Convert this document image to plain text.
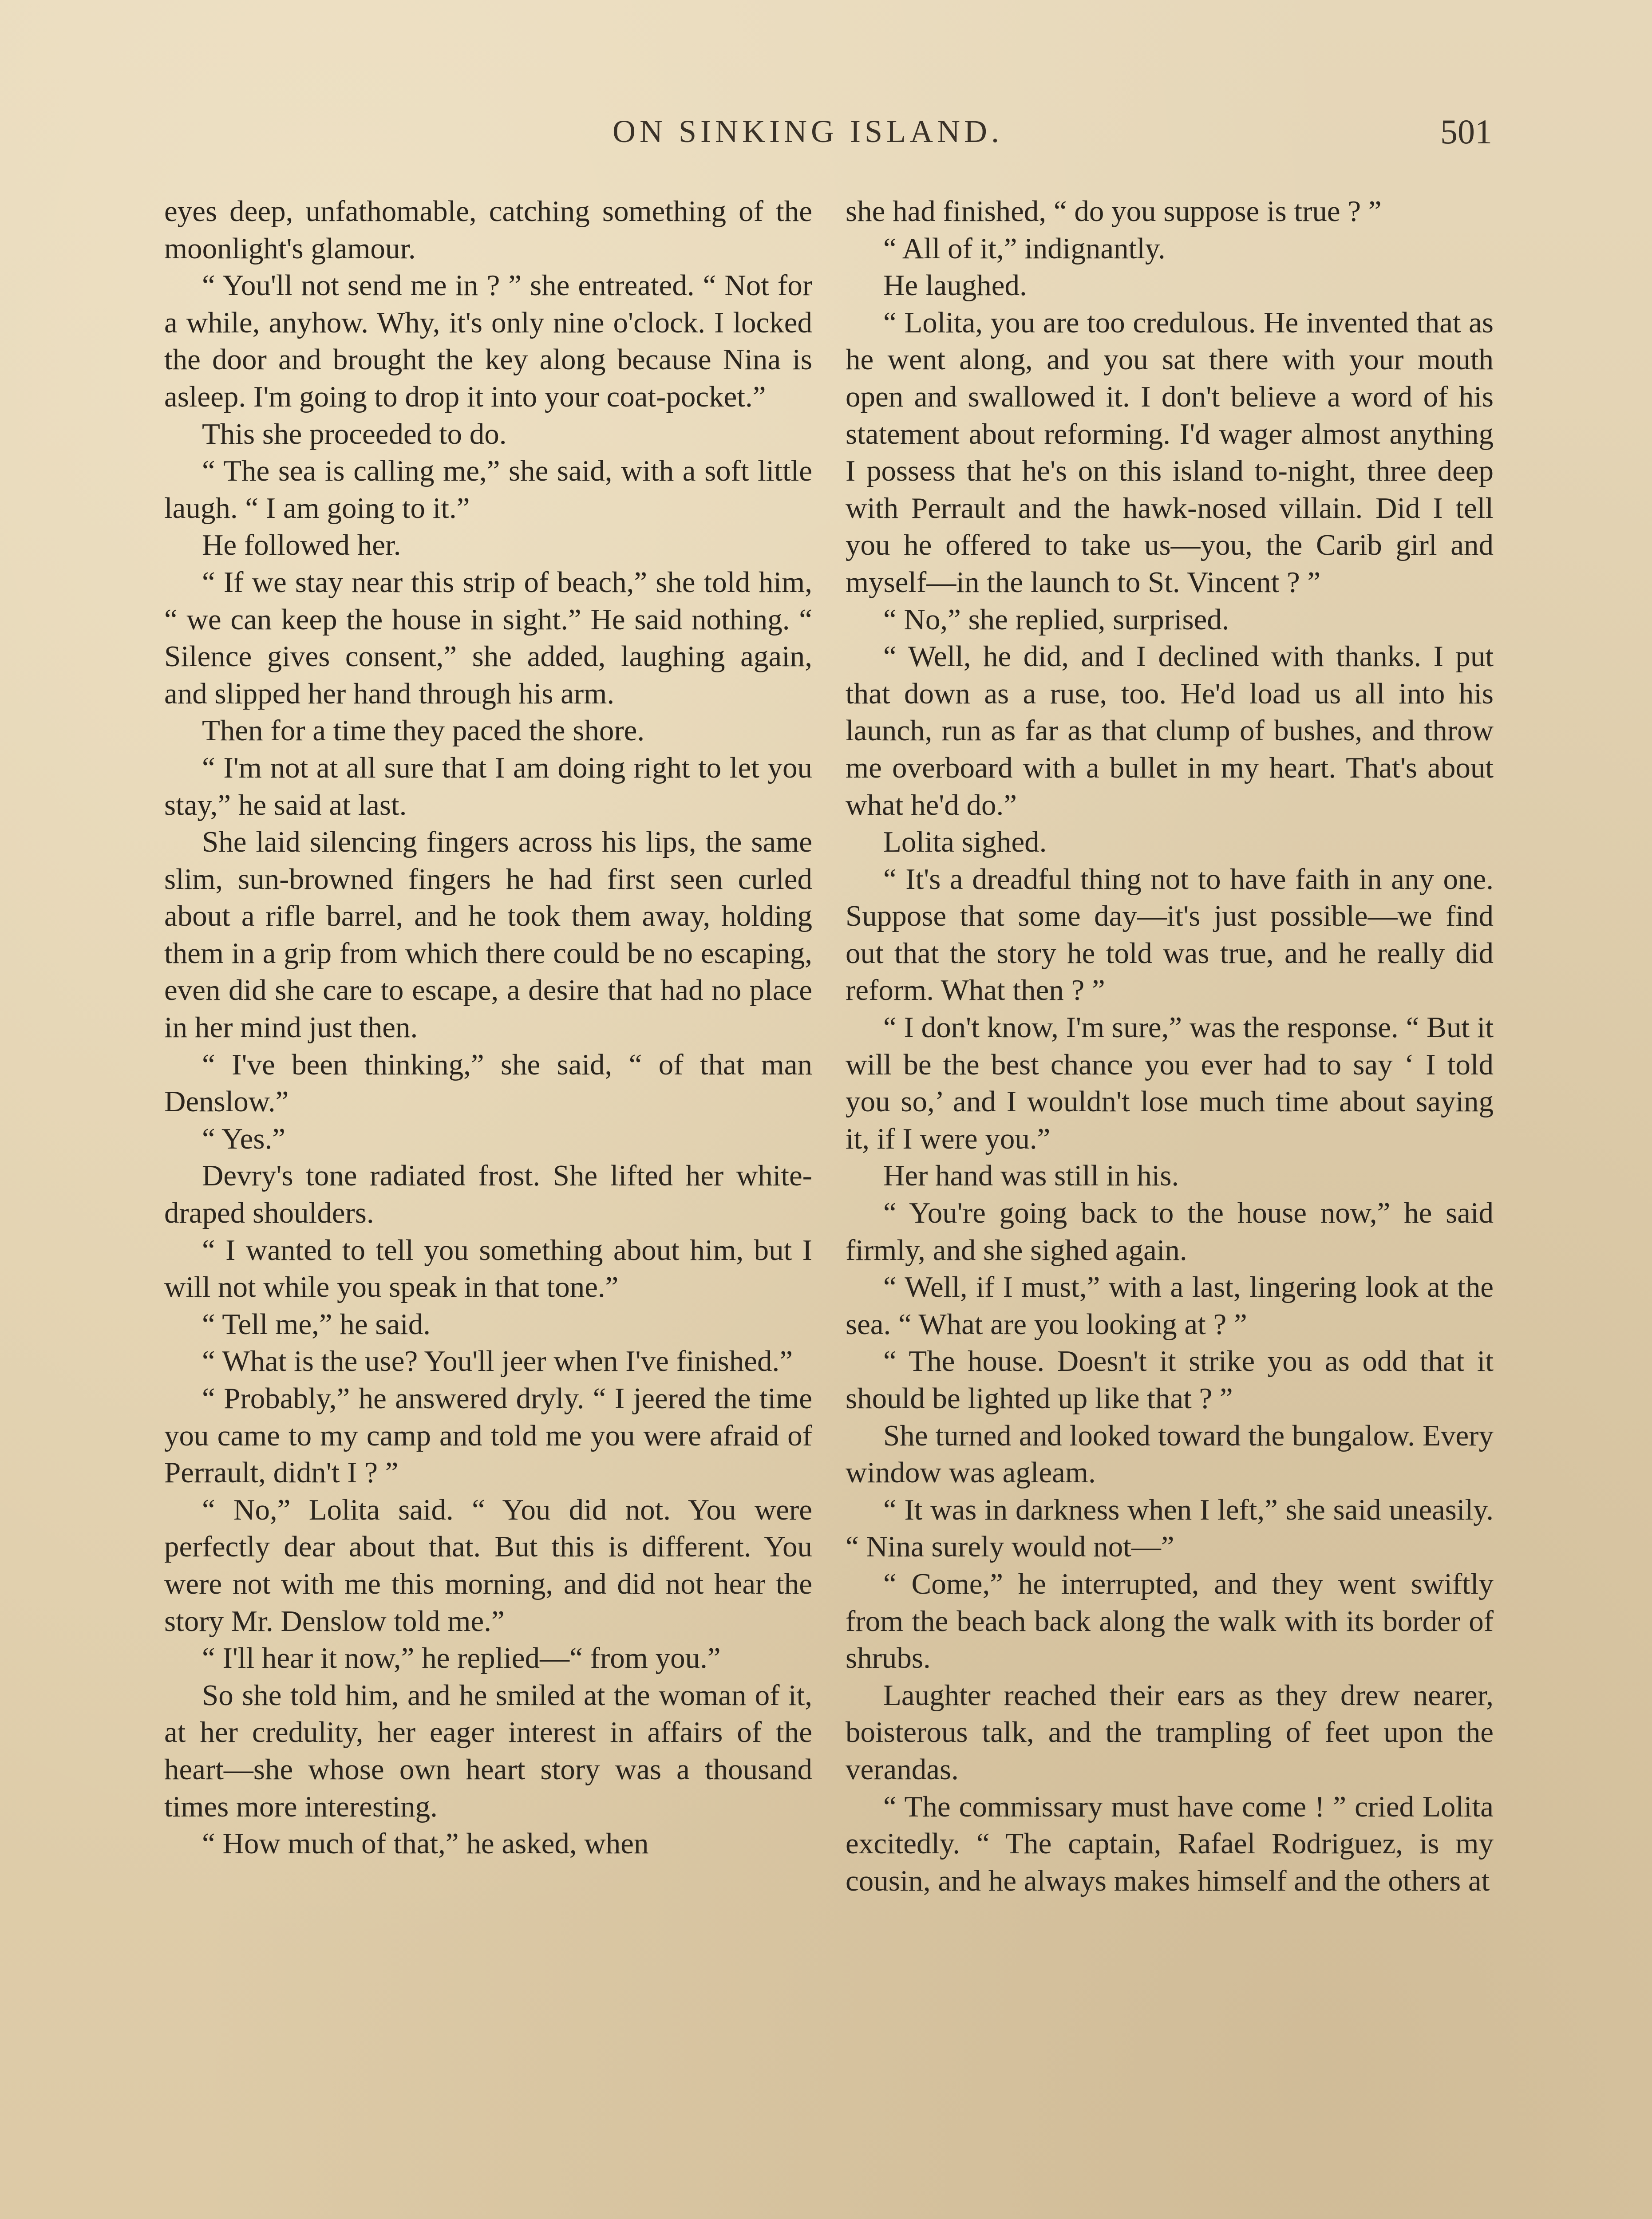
ON SINKING ISLAND.	501

eyes deep, unfathomable, catching something of the moonlight's glamour.

“ You'll not send me in ? ” she entreated. “ Not for a while, anyhow. Why, it's only nine o'clock. I locked the door and brought the key along because Nina is asleep. I'm going to drop it into your coat-pocket.”

This she proceeded to do.

“ The sea is calling me,” she said, with a soft little laugh. “ I am going to it.”

He followed her.

“ If we stay near this strip of beach,” she told him, “ we can keep the house in sight.” He said nothing. “ Silence gives consent,” she added, laughing again, and slipped her hand through his arm.

Then for a time they paced the shore.

“ I'm not at all sure that I am doing right to let you stay,” he said at last.

She laid silencing fingers across his lips, the same slim, sun-browned fingers he had first seen curled about a rifle barrel, and he took them away, holding them in a grip from which there could be no escaping, even did she care to escape, a desire that had no place in her mind just then.

“ I've been thinking,” she said, “ of that man Denslow.”

“ Yes.”

Devry's tone radiated frost. She lifted her white-draped shoulders.

“ I wanted to tell you something about him, but I will not while you speak in that tone.”

“ Tell me,” he said.

“ What is the use? You'll jeer when I've finished.”

“ Probably,” he answered dryly. “ I jeered the time you came to my camp and told me you were afraid of Perrault, didn't I ? ”

“ No,” Lolita said. “ You did not. You were perfectly dear about that. But this is different. You were not with me this morning, and did not hear the story Mr. Denslow told me.”

“ I'll hear it now,” he replied—“ from you.”

So she told him, and he smiled at the woman of it, at her credulity, her eager interest in affairs of the heart—she whose own heart story was a thousand times more interesting.

“ How much of that,” he asked, when

she had finished, “ do you suppose is true ? ”

“ All of it,” indignantly.

He laughed.

“ Lolita, you are too credulous. He invented that as he went along, and you sat there with your mouth open and swallowed it. I don't believe a word of his statement about reforming. I'd wager almost anything I possess that he's on this island to-night, three deep with Perrault and the hawk-nosed villain. Did I tell you he offered to take us—you, the Carib girl and myself—in the launch to St. Vincent ? ”

“ No,” she replied, surprised.

“ Well, he did, and I declined with thanks. I put that down as a ruse, too. He'd load us all into his launch, run as far as that clump of bushes, and throw me overboard with a bullet in my heart. That's about what he'd do.”

Lolita sighed.

“ It's a dreadful thing not to have faith in any one. Suppose that some day—it's just possible—we find out that the story he told was true, and he really did reform. What then ? ”

“ I don't know, I'm sure,” was the response. “ But it will be the best chance you ever had to say ‘ I told you so,’ and I wouldn't lose much time about saying it, if I were you.”

Her hand was still in his.

“ You're going back to the house now,” he said firmly, and she sighed again.

“ Well, if I must,” with a last, lingering look at the sea. “ What are you looking at ? ”

“ The house. Doesn't it strike you as odd that it should be lighted up like that ? ”

She turned and looked toward the bungalow. Every window was agleam.

“ It was in darkness when I left,” she said uneasily. “ Nina surely would not—”

“ Come,” he interrupted, and they went swiftly from the beach back along the walk with its border of shrubs.

Laughter reached their ears as they drew nearer, boisterous talk, and the trampling of feet upon the verandas.

“ The commissary must have come ! ” cried Lolita excitedly. “ The captain, Rafael Rodriguez, is my cousin, and he always makes himself and the others at
